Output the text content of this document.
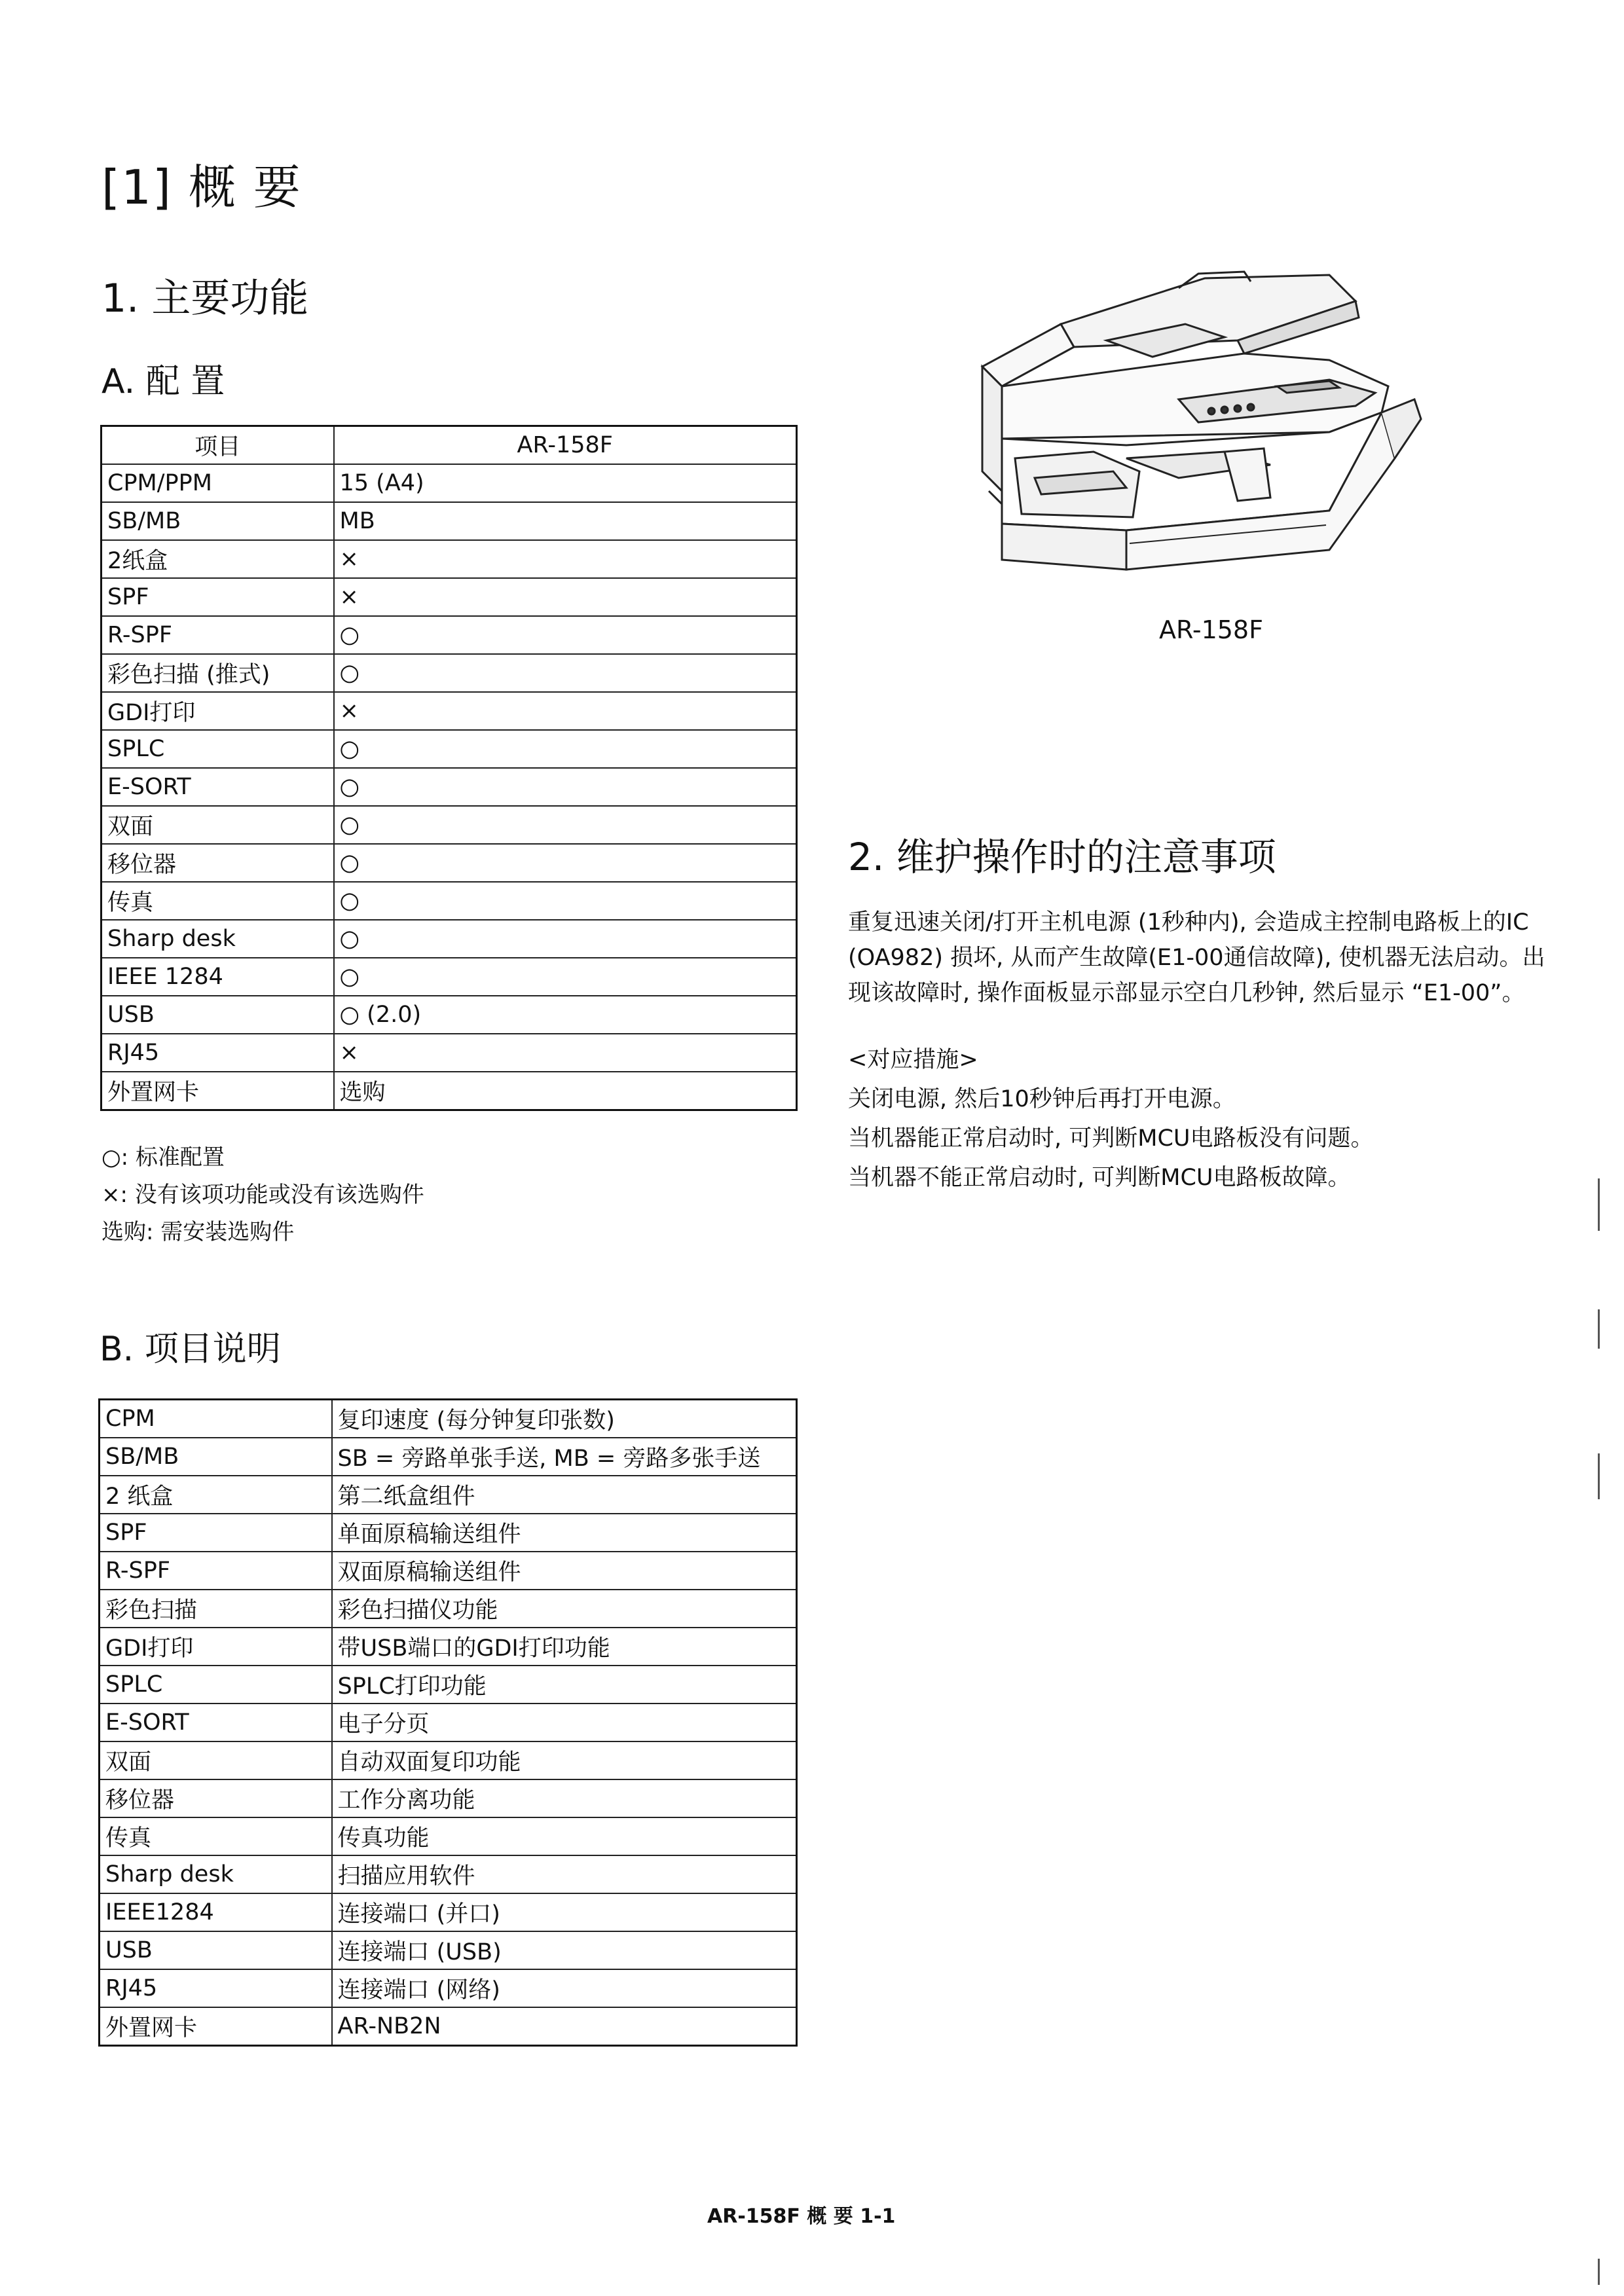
[1] 概 要
1. 主要功能
A. 配 置
项目	AR-158F
CPM/PPM	15 (A4)
SB/MB	MB
2纸盒	×
SPF	×
R-SPF	○
彩色扫描 (推式)	○
GDI打印	×
SPLC	○
E-SORT	○
双面	○
移位器	○
传真	○
Sharp desk	○
IEEE 1284	○
USB	○ (2.0)
RJ45	×
外置网卡	选购
○: 标准配置
×: 没有该项功能或没有该选购件
选购: 需安装选购件
B. 项目说明
CPM	复印速度 (每分钟复印张数)
SB/MB	SB = 旁路单张手送, MB = 旁路多张手送
2 纸盒	第二纸盒组件
SPF	单面原稿输送组件
R-SPF	双面原稿输送组件
彩色扫描	彩色扫描仪功能
GDI打印	带USB端口的GDI打印功能
SPLC	SPLC打印功能
E-SORT	电子分页
双面	自动双面复印功能
移位器	工作分离功能
传真	传真功能
Sharp desk	扫描应用软件
IEEE1284	连接端口 (并口)
USB	连接端口 (USB)
RJ45	连接端口 (网络)
外置网卡	AR-NB2N
AR-158F
2. 维护操作时的注意事项
重复迅速关闭/打开主机电源 (1秒种内), 会造成主控制电路板上的IC (OA982) 损坏, 从而产生故障(E1-00通信故障), 使机器无法启动。出现该故障时, 操作面板显示部显示空白几秒钟, 然后显示 “E1-00”。
<对应措施>
关闭电源, 然后10秒钟后再打开电源。
当机器能正常启动时, 可判断MCU电路板没有问题。
当机器不能正常启动时, 可判断MCU电路板故障。
AR-158F 概 要 1-1
